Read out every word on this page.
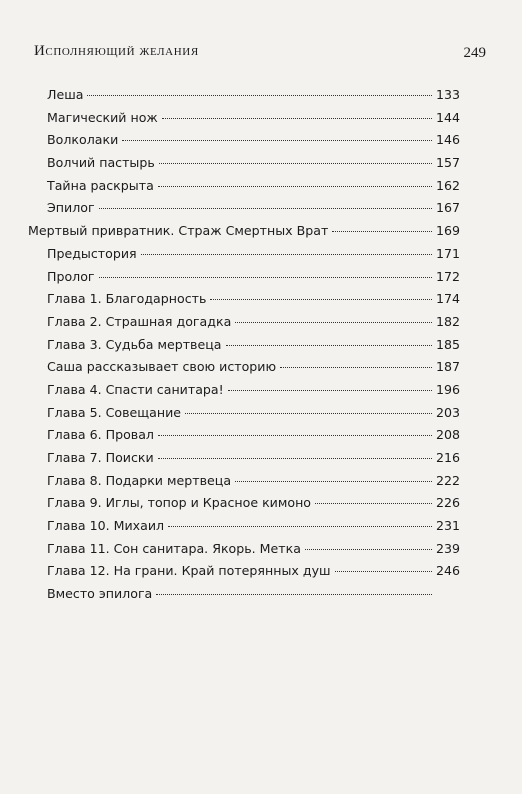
Исполняющий желания	249
Леша	133
Магический нож	144
Волколаки	146
Волчий пастырь	157
Тайна раскрыта	162
Эпилог	167
Мертвый привратник. Страж Смертных Врат	169
Предыстория	171
Пролог	172
Глава 1. Благодарность	174
Глава 2. Страшная догадка	182
Глава 3. Судьба мертвеца	185
Саша рассказывает свою историю	187
Глава 4. Спасти санитара!	196
Глава 5. Совещание	203
Глава 6. Провал	208
Глава 7. Поиски	216
Глава 8. Подарки мертвеца	222
Глава 9. Иглы, топор и Красное кимоно	226
Глава 10. Михаил	231
Глава 11. Сон санитара. Якорь. Метка	239
Глава 12. На грани. Край потерянных душ	246
Вместо эпилога
